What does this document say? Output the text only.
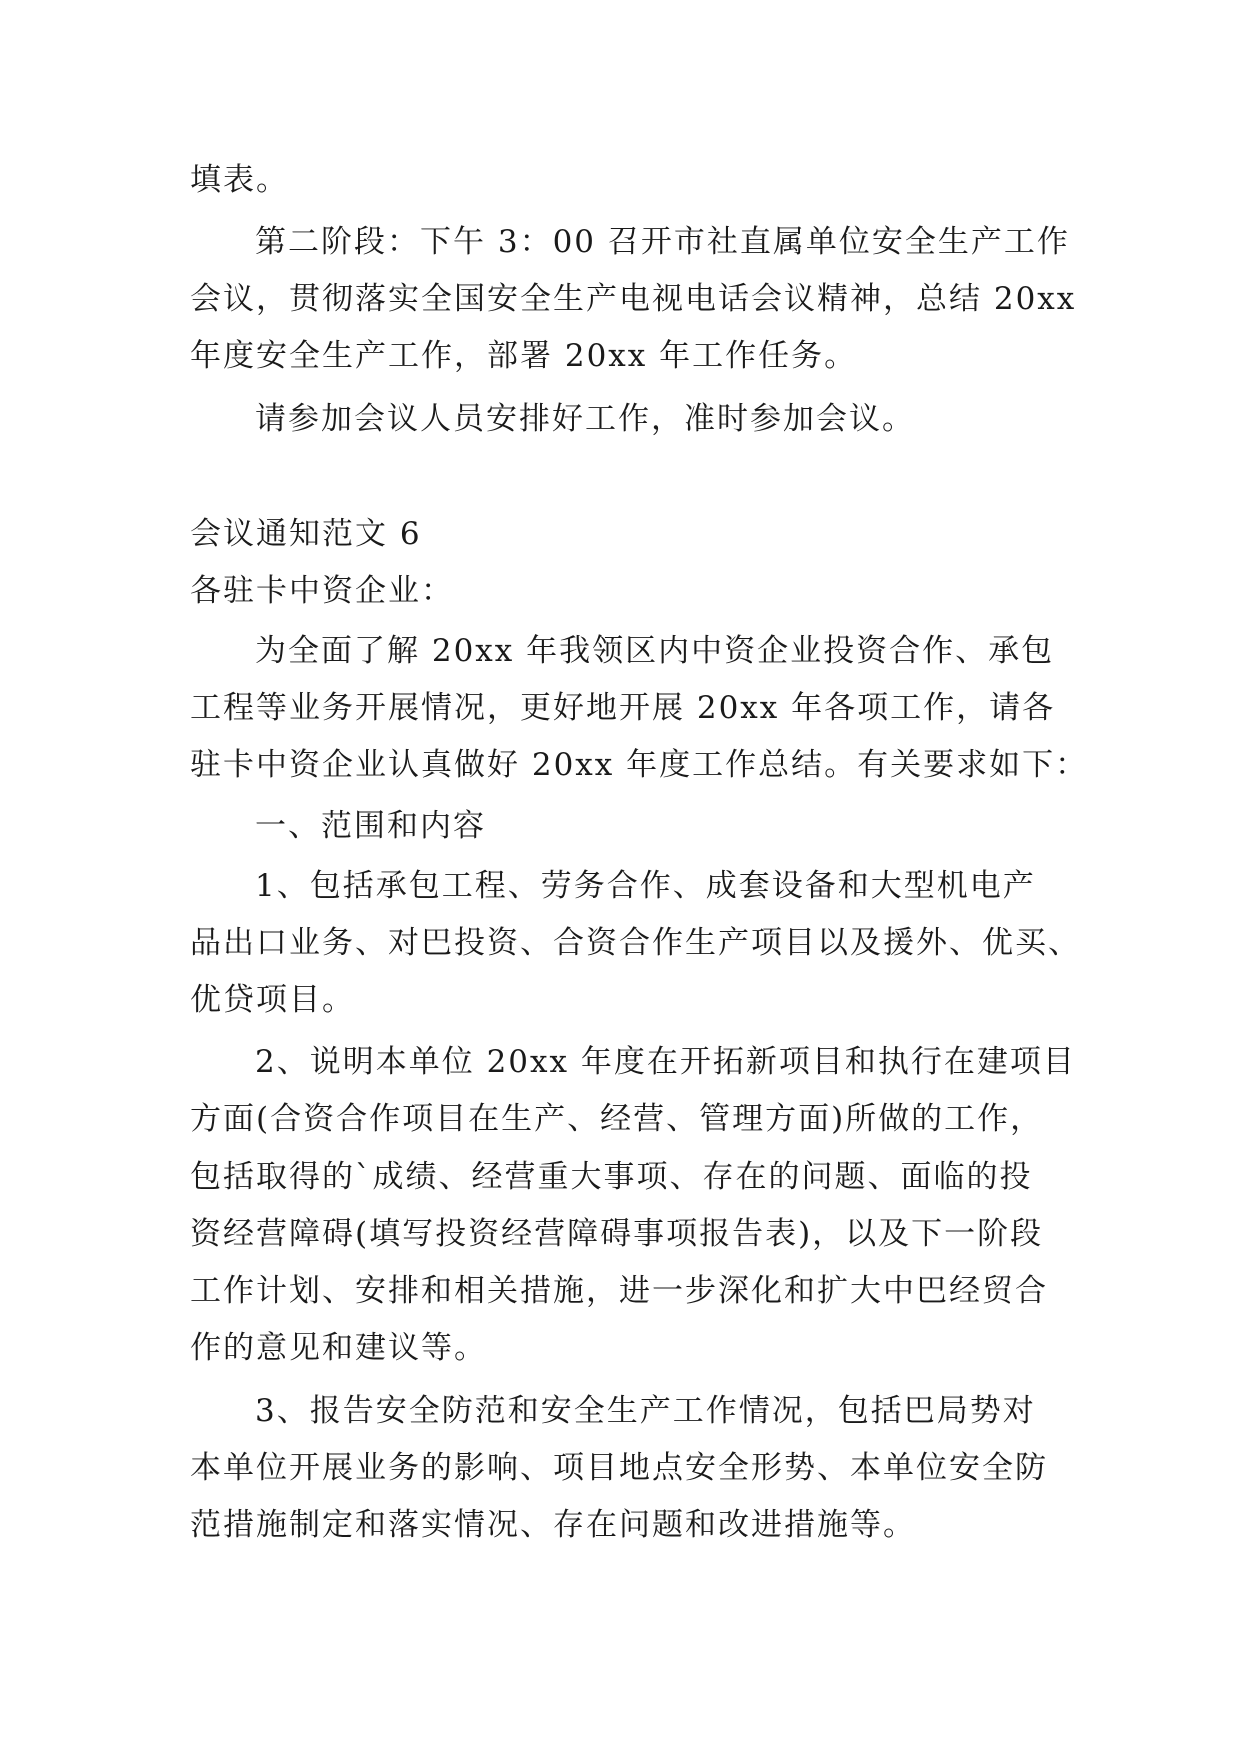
填表。
第二阶段：下午 3：00 召开市社直属单位安全生产工作
会议，贯彻落实全国安全生产电视电话会议精神，总结 20xx
年度安全生产工作，部署 20xx 年工作任务。
请参加会议人员安排好工作，准时参加会议。
会议通知范文 6
各驻卡中资企业：
为全面了解 20xx 年我领区内中资企业投资合作、承包
工程等业务开展情况，更好地开展 20xx 年各项工作，请各
驻卡中资企业认真做好 20xx 年度工作总结。有关要求如下：
一、范围和内容
1、包括承包工程、劳务合作、成套设备和大型机电产
品出口业务、对巴投资、合资合作生产项目以及援外、优买、
优贷项目。
2、说明本单位 20xx 年度在开拓新项目和执行在建项目
方面(合资合作项目在生产、经营、管理方面)所做的工作，
包括取得的`成绩、经营重大事项、存在的问题、面临的投
资经营障碍(填写投资经营障碍事项报告表)，以及下一阶段
工作计划、安排和相关措施，进一步深化和扩大中巴经贸合
作的意见和建议等。
3、报告安全防范和安全生产工作情况，包括巴局势对
本单位开展业务的影响、项目地点安全形势、本单位安全防
范措施制定和落实情况、存在问题和改进措施等。
